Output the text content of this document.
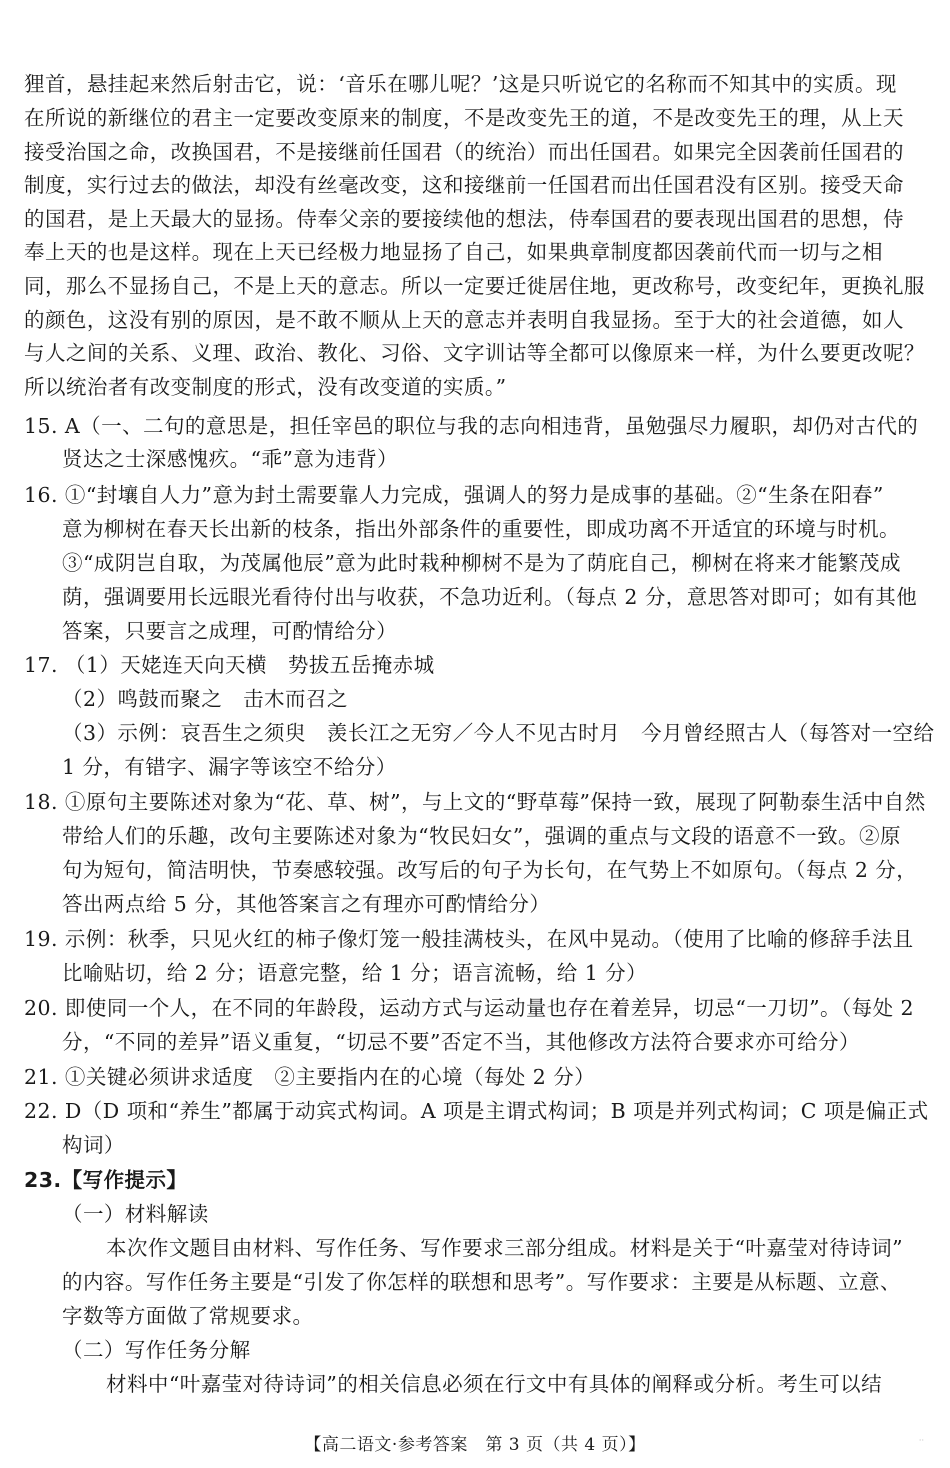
狸首，悬挂起来然后射击它，说：‘音乐在哪儿呢？’这是只听说它的名称而不知其中的实质。现
在所说的新继位的君主一定要改变原来的制度，不是改变先王的道，不是改变先王的理，从上天
接受治国之命，改换国君，不是接继前任国君（的统治）而出任国君。如果完全因袭前任国君的
制度，实行过去的做法，却没有丝毫改变，这和接继前一任国君而出任国君没有区别。接受天命
的国君，是上天最大的显扬。侍奉父亲的要接续他的想法，侍奉国君的要表现出国君的思想，侍
奉上天的也是这样。现在上天已经极力地显扬了自己，如果典章制度都因袭前代而一切与之相
同，那么不显扬自己，不是上天的意志。所以一定要迁徙居住地，更改称号，改变纪年，更换礼服
的颜色，这没有别的原因，是不敢不顺从上天的意志并表明自我显扬。至于大的社会道德，如人
与人之间的关系、义理、政治、教化、习俗、文字训诂等全都可以像原来一样，为什么要更改呢？
所以统治者有改变制度的形式，没有改变道的实质。”
15. A（一、二句的意思是，担任宰邑的职位与我的志向相违背，虽勉强尽力履职，却仍对古代的
贤达之士深感愧疚。“乖”意为违背）
16. ①“封壤自人力”意为封土需要靠人力完成，强调人的努力是成事的基础。②“生条在阳春”
意为柳树在春天长出新的枝条，指出外部条件的重要性，即成功离不开适宜的环境与时机。
③“成阴岂自取，为茂属他辰”意为此时栽种柳树不是为了荫庇自己，柳树在将来才能繁茂成
荫，强调要用长远眼光看待付出与收获，不急功近利。（每点 2 分，意思答对即可；如有其他
答案，只要言之成理，可酌情给分）
17. （1）天姥连天向天横　势拔五岳掩赤城
（2）鸣鼓而聚之　击木而召之
（3）示例：哀吾生之须臾　羡长江之无穷／今人不见古时月　今月曾经照古人（每答对一空给
1 分，有错字、漏字等该空不给分）
18. ①原句主要陈述对象为“花、草、树”，与上文的“野草莓”保持一致，展现了阿勒泰生活中自然
带给人们的乐趣，改句主要陈述对象为“牧民妇女”，强调的重点与文段的语意不一致。②原
句为短句，简洁明快，节奏感较强。改写后的句子为长句，在气势上不如原句。（每点 2 分，
答出两点给 5 分，其他答案言之有理亦可酌情给分）
19. 示例：秋季，只见火红的柿子像灯笼一般挂满枝头，在风中晃动。（使用了比喻的修辞手法且
比喻贴切，给 2 分；语意完整，给 1 分；语言流畅，给 1 分）
20. 即使同一个人，在不同的年龄段，运动方式与运动量也存在着差异，切忌“一刀切”。（每处 2
分，“不同的差异”语义重复，“切忌不要”否定不当，其他修改方法符合要求亦可给分）
21. ①关键必须讲求适度　②主要指内在的心境（每处 2 分）
22. D（D 项和“养生”都属于动宾式构词。A 项是主谓式构词；B 项是并列式构词；C 项是偏正式
构词）
23.【写作提示】
（一）材料解读
本次作文题目由材料、写作任务、写作要求三部分组成。材料是关于“叶嘉莹对待诗词”
的内容。写作任务主要是“引发了你怎样的联想和思考”。写作要求：主要是从标题、立意、
字数等方面做了常规要求。
（二）写作任务分解
材料中“叶嘉莹对待诗词”的相关信息必须在行文中有具体的阐释或分析。考生可以结
【高二语文·参考答案　第 3 页（共 4 页）】	··
